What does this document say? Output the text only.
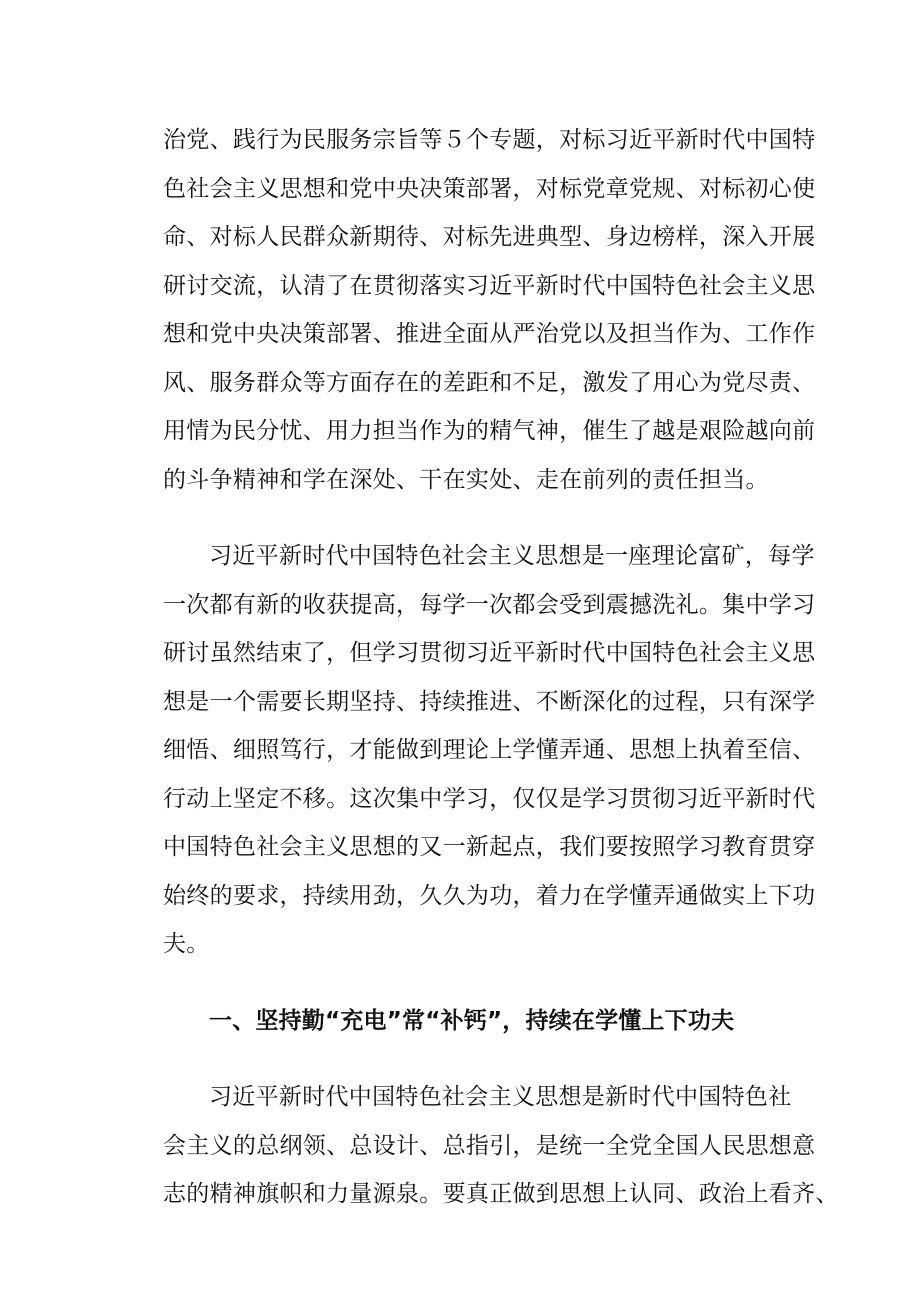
治党、践行为民服务宗旨等５个专题，对标习近平新时代中国特
色社会主义思想和党中央决策部署，对标党章党规、对标初心使
命、对标人民群众新期待、对标先进典型、身边榜样，深入开展
研讨交流，认清了在贯彻落实习近平新时代中国特色社会主义思
想和党中央决策部署、推进全面从严治党以及担当作为、工作作
风、服务群众等方面存在的差距和不足，激发了用心为党尽责、
用情为民分忧、用力担当作为的精气神，催生了越是艰险越向前
的斗争精神和学在深处、干在实处、走在前列的责任担当。
习近平新时代中国特色社会主义思想是一座理论富矿，每学
一次都有新的收获提高，每学一次都会受到震撼洗礼。集中学习
研讨虽然结束了，但学习贯彻习近平新时代中国特色社会主义思
想是一个需要长期坚持、持续推进、不断深化的过程，只有深学
细悟、细照笃行，才能做到理论上学懂弄通、思想上执着至信、
行动上坚定不移。这次集中学习，仅仅是学习贯彻习近平新时代
中国特色社会主义思想的又一新起点，我们要按照学习教育贯穿
始终的要求，持续用劲，久久为功，着力在学懂弄通做实上下功
夫。
一、坚持勤“充电”常“补钙”，持续在学懂上下功夫
习近平新时代中国特色社会主义思想是新时代中国特色社
会主义的总纲领、总设计、总指引，是统一全党全国人民思想意
志的精神旗帜和力量源泉。要真正做到思想上认同、政治上看齐、
